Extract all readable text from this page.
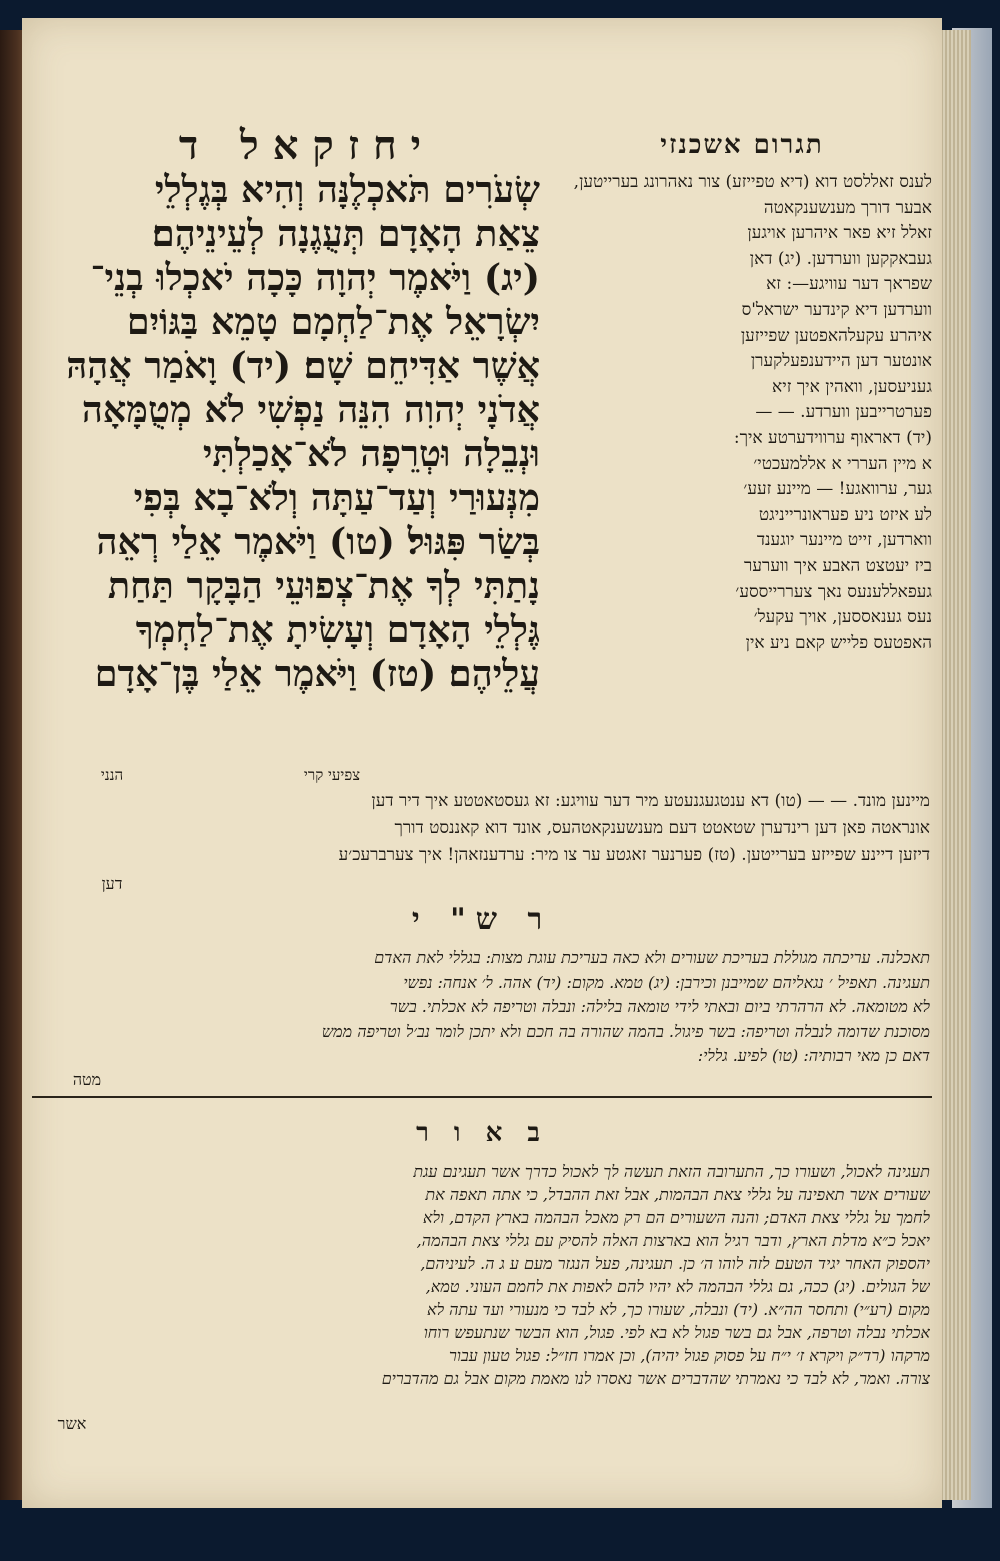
תגרום אשכנזי
יחזקאל ד
לענס זאללסט דוא (דיא טפייזע) צור נאהרונג בערייטען,
אבער דורך מענשענקאטה
זאלל זיא פאר איהרען אויגען
געבאקקען ווערדען. (יג) דאן
שפראך דער עוויגע—: זא
ווערדען דיא קינדער ישראל'ס
איהרע עקעלהאפטען שפייזען
אונטער דען היידענפעלקערן
געניעסען, וואהין איך זיא
פערטרייבען ווערדע. — —
(יד) דאראוף ערווידערטע איך:
א מיין העררי א אללמעכטי׳
גער, ערוואגע! — מיינע זעע׳
לע איזט ניע פעראונרייניגט
ווארדען, זייט מיינער יוגענד
ביז יעטצט האבע איך ווערער
געפאללענעס נאך צעררייססע׳
נעס גענאססען, אויך עקעל׳
האפטעס פלייש קאם ניע אין
שְׂעֹרִים תֹּאכְלֶנָּה וְהִיא בְּגֶלְלֵי
צֵאַת הָאָדָם תְּעֻגֶנָה לְעֵינֵיהֶם׃
(יג) וַיֹּאמֶר יְהוָה כָּכָה יֹאכְלוּ בְנֵי־
יִשְׂרָאֵל אֶת־לַחְמָם טָמֵא בַּגּוֹיִם
אֲשֶׁר אַדִּיחֵם שָׁם׃ (יד) וָאֹמַר אֲהָהּ
אֲדֹנָי יְהוִה הִנֵּה נַפְשִׁי לֹא מְטֻמָּאָה
וּנְבֵלָה וּטְרֵפָה לֹא־אָכַלְתִּי
מִנְּעוּרַי וְעַד־עַתָּה וְלֹא־בָא בְּפִי
בְּשַׂר פִּגּוּל׃ (טו) וַיֹּאמֶר אֵלַי רְאֵה
נָתַתִּי לְךָ אֶת־צְפוּעֵי הַבָּקָר תַּחַת
גֶּלְלֵי הָאָדָם וְעָשִׂיתָ אֶת־לַחְמְךָ
עֲלֵיהֶם׃ (טז) וַיֹּאמֶר אֵלַי בֶּן־אָדָם
צפיעי קרי
הנני
מיינען מונד. — — (טו) דא ענטגעגנעטע מיר דער עוויגע: זא געסטאטטע איך דיר דען
אונראטה פאן דען רינדערן שטאטט דעם מענשענקאטהעס, אונד דוא קאננסט דורך
דיזען דיינע שפייזע בערייטען. (טז) פערנער זאגטע ער צו מיר: ערדענזאהן! איך צערברעכ׳ע
דען
ר ש" י
תאכלנה. עריכתה מגוללת בעריכת שעורים ולא כאה בעריכת עוגת מצות: בגללי לאת האדם
תעגינה. תאפיל ׳ נגאליהם שמייבנן וכירבן: (יג) טמא. מקום: (יד) אהה. ל׳ אנחה: נפשי
לא מטומאה. לא הרהרתי ביום ובאתי לידי טומאה בלילה: ונבלה וטריפה לא אכלתי. בשר
מסוכנת שדומה לנבלה וטריפה: בשר פיגול. בהמה שהורה בה חכם ולא יתכן לומר נב׳ל וטריפה ממש
דאם כן מאי רבותיה: (טו) לפיע. גללי:
מטה
ב א ו ר
תעגינה לאכול, ושעורו כך, התערובה הזאת תעשה לך לאכול כדרך אשר תעגינם עגת
שעורים אשר תאפינה על גללי צאת הבהמות, אבל זאת ההבדל, כי אתה תאפה את
לחמך על גללי צאת האדם; והנה השעורים הם רק מאכל הבהמה בארץ הקדם, ולא
יאכל כ״א מדלת הארץ, ודבר רגיל הוא בארצות האלה להסיק עם גללי צאת הבהמה,
יהספוק האחר יגיד הטעם לזה לוהו ה׳ כן. תעגינה, פעל הנגזר מעם ע ג ה. לעיניהם,
של הגולים. (יג) ככה, גם גללי הבהמה לא יהיו להם לאפות את לחמם העוני. טמא,
מקום (רע״י) ותחסר הה״א. (יד) ונבלה, שעורו כך, לא לבד כי מנעורי ועד עתה לא
אכלתי נבלה וטרפה, אבל גם בשר פגול לא בא לפי. פגול, הוא הבשר שנתעפש רוחו
מרקהו (רד״ק ויקרא ז׳ י״ח על פסוק פגול יהיה), וכן אמרו חז״ל: פגול טעון עבור
צורה. ואמר, לא לבד כי נאמרתי שהדברים אשר נאסרו לנו מאמת מקום אבל גם מהדברים
אשר
